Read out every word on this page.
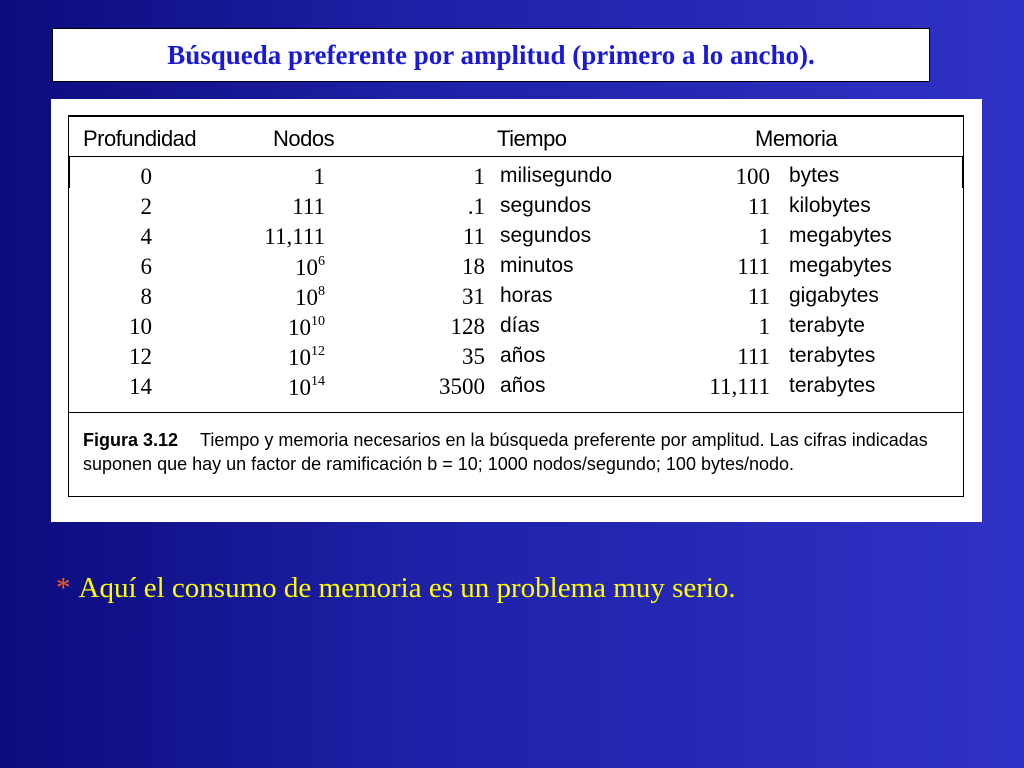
Búsqueda preferente por amplitud (primero a lo ancho).
Profundidad	Nodos	Tiempo	Memoria
0	1	1 milisegundo	100 bytes
2	111	.1 segundos	11 kilobytes
4	11,111	11 segundos	1 megabytes
6	$10^6$	18 minutos	111 megabytes
8	$10^8$	31 horas	11 gigabytes
10	$10^{10}$	128 días	1 terabyte
12	$10^{12}$	35 años	111 terabytes
14	$10^{14}$	3500 años	11,111 terabytes
Figura 3.12 Tiempo y memoria necesarios en la búsqueda preferente por amplitud. Las cifras indicadas suponen que hay un factor de ramificación b = 10; 1000 nodos/segundo; 100 bytes/nodo.
* Aquí el consumo de memoria es un problema muy serio.
